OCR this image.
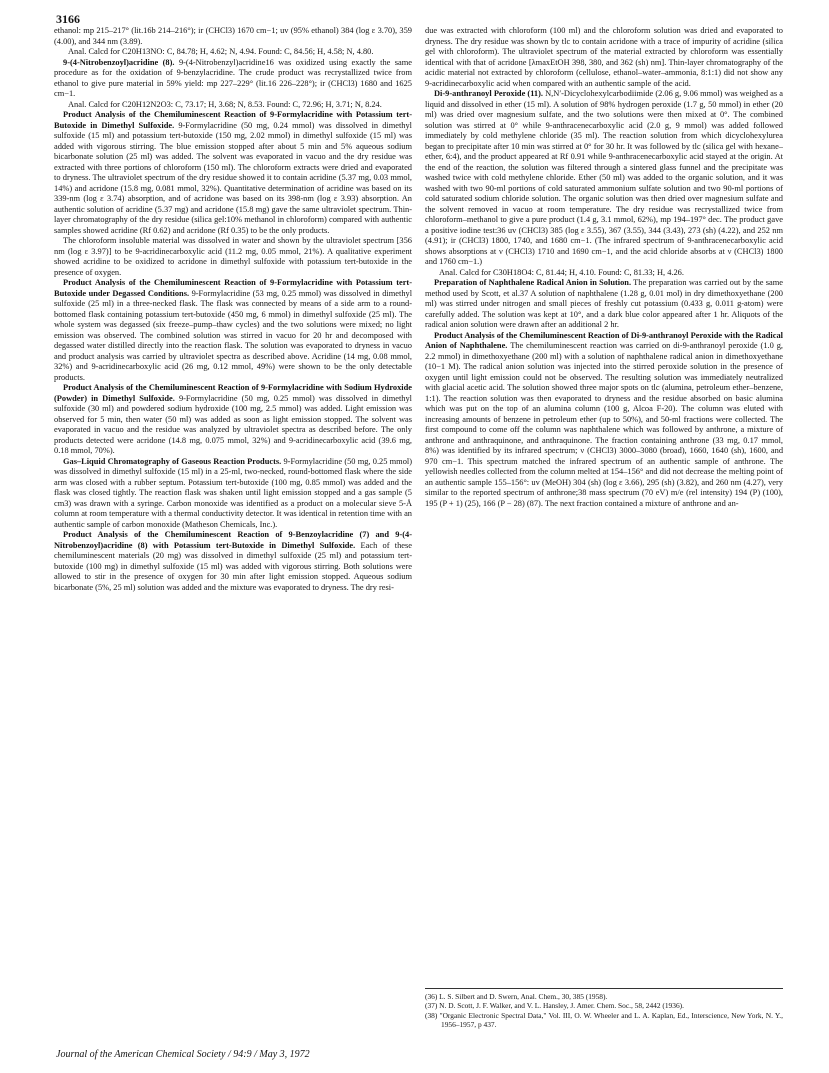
3166

ethanol: mp 215–217° (lit.16b 214–216°); ir (CHCl3) 1670 cm−1; uv (95% ethanol) 384 (log ε 3.70), 359 (4.00), and 344 nm (3.89).

Anal. Calcd for C20H13NO: C, 84.78; H, 4.62; N, 4.94. Found: C, 84.56; H, 4.58; N, 4.80.

9-(4-Nitrobenzoyl)acridine (8). 9-(4-Nitrobenzyl)acridine16 was oxidized using exactly the same procedure as for the oxidation of 9-benzylacridine. The crude product was recrystallized twice from ethanol to give pure material in 59% yield: mp 227–229° (lit.16 226–228°); ir (CHCl3) 1680 and 1625 cm−1.

Anal. Calcd for C20H12N2O3: C, 73.17; H, 3.68; N, 8.53. Found: C, 72.96; H, 3.71; N, 8.24.

Product Analysis of the Chemiluminescent Reaction of 9-Formylacridine with Potassium tert-Butoxide in Dimethyl Sulfoxide. 9-Formylacridine (50 mg, 0.24 mmol) was dissolved in dimethyl sulfoxide (15 ml) and potassium tert-butoxide (150 mg, 2.02 mmol) in dimethyl sulfoxide (15 ml) was added with vigorous stirring. The blue emission stopped after about 5 min and 5% aqueous sodium bicarbonate solution (25 ml) was added. The solvent was evaporated in vacuo and the dry residue was extracted with three portions of chloroform (150 ml). The chloroform extracts were dried and evaporated to dryness. The ultraviolet spectrum of the dry residue showed it to contain acridine (5.37 mg, 0.03 mmol, 14%) and acridone (15.8 mg, 0.081 mmol, 32%). Quantitative determination of acridine was based on its 339-nm (log ε 3.74) absorption, and of acridone was based on its 398-nm (log ε 3.93) absorption. An authentic solution of acridine (5.37 mg) and acridone (15.8 mg) gave the same ultraviolet spectrum. Thin-layer chromatography of the dry residue (silica gel:10% methanol in chloroform) compared with authentic samples showed acridine (Rf 0.62) and acridone (Rf 0.35) to be the only products.

The chloroform insoluble material was dissolved in water and shown by the ultraviolet spectrum [356 nm (log ε 3.97)] to be 9-acridinecarboxylic acid (11.2 mg, 0.05 mmol, 21%). A qualitative experiment showed acridine to be oxidized to acridone in dimethyl sulfoxide with potassium tert-butoxide in the presence of oxygen.

Product Analysis of the Chemiluminescent Reaction of 9-Formylacridine with Potassium tert-Butoxide under Degassed Conditions. 9-Formylacridine (53 mg, 0.25 mmol) was dissolved in dimethyl sulfoxide (25 ml) in a three-necked flask. The flask was connected by means of a side arm to a round-bottomed flask containing potassium tert-butoxide (450 mg, 6 mmol) in dimethyl sulfoxide (25 ml). The whole system was degassed (six freeze–pump–thaw cycles) and the two solutions were mixed; no light emission was observed. The combined solution was stirred in vacuo for 20 hr and decomposed with degassed water distilled directly into the reaction flask. The solution was evaporated to dryness in vacuo and product analysis was carried by ultraviolet spectra as described above. Acridine (14 mg, 0.08 mmol, 32%) and 9-acridinecarboxylic acid (26 mg, 0.12 mmol, 49%) were shown to be the only detectable products.

Product Analysis of the Chemiluminescent Reaction of 9-Formylacridine with Sodium Hydroxide (Powder) in Dimethyl Sulfoxide. 9-Formylacridine (50 mg, 0.25 mmol) was dissolved in dimethyl sulfoxide (30 ml) and powdered sodium hydroxide (100 mg, 2.5 mmol) was added. Light emission was observed for 5 min, then water (50 ml) was added as soon as light emission stopped. The solvent was evaporated in vacuo and the residue was analyzed by ultraviolet spectra as described before. The only products detected were acridone (14.8 mg, 0.075 mmol, 32%) and 9-acridinecarboxylic acid (39.6 mg, 0.18 mmol, 70%).

Gas–Liquid Chromatography of Gaseous Reaction Products. 9-Formylacridine (50 mg, 0.25 mmol) was dissolved in dimethyl sulfoxide (15 ml) in a 25-ml, two-necked, round-bottomed flask where the side arm was closed with a rubber septum. Potassium tert-butoxide (100 mg, 0.85 mmol) was added and the flask was closed tightly. The reaction flask was shaken until light emission stopped and a gas sample (5 cm3) was drawn with a syringe. Carbon monoxide was identified as a product on a molecular sieve 5-Å column at room temperature with a thermal conductivity detector. It was identical in retention time with an authentic sample of carbon monoxide (Matheson Chemicals, Inc.).

Product Analysis of the Chemiluminescent Reaction of 9-Benzoylacridine (7) and 9-(4-Nitrobenzoyl)acridine (8) with Potassium tert-Butoxide in Dimethyl Sulfoxide. Each of these chemiluminescent materials (20 mg) was dissolved in dimethyl sulfoxide (25 ml) and potassium tert-butoxide (100 mg) in dimethyl sulfoxide (15 ml) was added with vigorous stirring. Both solutions were allowed to stir in the presence of oxygen for 30 min after light emission stopped. Aqueous sodium bicarbonate (5%, 25 ml) solution was added and the mixture was evaporated to dryness. The dry resi-

due was extracted with chloroform (100 ml) and the chloroform solution was dried and evaporated to dryness. The dry residue was shown by tlc to contain acridone with a trace of impurity of acridine (silica gel with chloroform). The ultraviolet spectrum of the material extracted by chloroform was essentially identical with that of acridone [λmaxEtOH 398, 380, and 362 (sh) nm]. Thin-layer chromatography of the acidic material not extracted by chloroform (cellulose, ethanol–water–ammonia, 8:1:1) did not show any 9-acridinecarboxylic acid when compared with an authentic sample of the acid.

Di-9-anthranoyl Peroxide (11). N,N′-Dicyclohexylcarbodiimide (2.06 g, 9.06 mmol) was weighed as a liquid and dissolved in ether (15 ml). A solution of 98% hydrogen peroxide (1.7 g, 50 mmol) in ether (20 ml) was dried over magnesium sulfate, and the two solutions were then mixed at 0°. The combined solution was stirred at 0° while 9-anthracenecarboxylic acid (2.0 g, 9 mmol) was added followed immediately by cold methylene chloride (35 ml). The reaction solution from which dicyclohexylurea began to precipitate after 10 min was stirred at 0° for 30 hr. It was followed by tlc (silica gel with hexane–ether, 6:4), and the product appeared at Rf 0.91 while 9-anthracenecarboxylic acid stayed at the origin. At the end of the reaction, the solution was filtered through a sintered glass funnel and the precipitate was washed twice with cold methylene chloride. Ether (50 ml) was added to the organic solution, and it was washed with two 90-ml portions of cold saturated ammonium sulfate solution and two 90-ml portions of cold saturated sodium chloride solution. The organic solution was then dried over magnesium sulfate and the solvent removed in vacuo at room temperature. The dry residue was recrystallized twice from chloroform–methanol to give a pure product (1.4 g, 3.1 mmol, 62%), mp 194–197° dec. The product gave a positive iodine test:36 uv (CHCl3) 385 (log ε 3.55), 367 (3.55), 344 (3.43), 273 (sh) (4.22), and 252 nm (4.91); ir (CHCl3) 1800, 1740, and 1680 cm−1. (The infrared spectrum of 9-anthracenecarboxylic acid shows absorptions at ν (CHCl3) 1710 and 1690 cm−1, and the acid chloride absorbs at ν (CHCl3) 1800 and 1760 cm−1.)

Anal. Calcd for C30H18O4: C, 81.44; H, 4.10. Found: C, 81.33; H, 4.26.

Preparation of Naphthalene Radical Anion in Solution. The preparation was carried out by the same method used by Scott, et al.37 A solution of naphthalene (1.28 g, 0.01 mol) in dry dimethoxyethane (200 ml) was stirred under nitrogen and small pieces of freshly cut potassium (0.433 g, 0.011 g-atom) were carefully added. The solution was kept at 10°, and a dark blue color appeared after 1 hr. Aliquots of the radical anion solution were drawn after an additional 2 hr.

Product Analysis of the Chemiluminescent Reaction of Di-9-anthranoyl Peroxide with the Radical Anion of Naphthalene. The chemiluminescent reaction was carried on di-9-anthranoyl peroxide (1.0 g, 2.2 mmol) in dimethoxyethane (200 ml) with a solution of naphthalene radical anion in dimethoxyethane (10−1 M). The radical anion solution was injected into the stirred peroxide solution in the presence of oxygen until light emission could not be observed. The resulting solution was immediately neutralized with glacial acetic acid. The solution showed three major spots on tlc (alumina, petroleum ether–benzene, 1:1). The reaction solution was then evaporated to dryness and the residue absorbed on basic alumina which was put on the top of an alumina column (100 g, Alcoa F-20). The column was eluted with increasing amounts of benzene in petroleum ether (up to 50%), and 50-ml fractions were collected. The first compound to come off the column was naphthalene which was followed by anthrone, a mixture of anthrone and anthraquinone, and anthraquinone. The fraction containing anthrone (33 mg, 0.17 mmol, 8%) was identified by its infrared spectrum; ν (CHCl3) 3000–3080 (broad), 1660, 1640 (sh), 1600, and 970 cm−1. This spectrum matched the infrared spectrum of an authentic sample of anthrone. The yellowish needles collected from the column melted at 154–156° and did not decrease the melting point of an authentic sample 155–156°: uv (MeOH) 304 (sh) (log ε 3.66), 295 (sh) (3.82), and 260 nm (4.27), very similar to the reported spectrum of anthrone;38 mass spectrum (70 eV) m/e (rel intensity) 194 (P) (100), 195 (P + 1) (25), 166 (P − 28) (87). The next fraction contained a mixture of anthrone and an-

(36) L. S. Silbert and D. Swern, Anal. Chem., 30, 385 (1958).

(37) N. D. Scott, J. F. Walker, and V. L. Hansley, J. Amer. Chem. Soc., 58, 2442 (1936).

(38) "Organic Electronic Spectral Data," Vol. III, O. W. Wheeler and L. A. Kaplan, Ed., Interscience, New York, N. Y., 1956–1957, p 437.

Journal of the American Chemical Society / 94:9 / May 3, 1972
